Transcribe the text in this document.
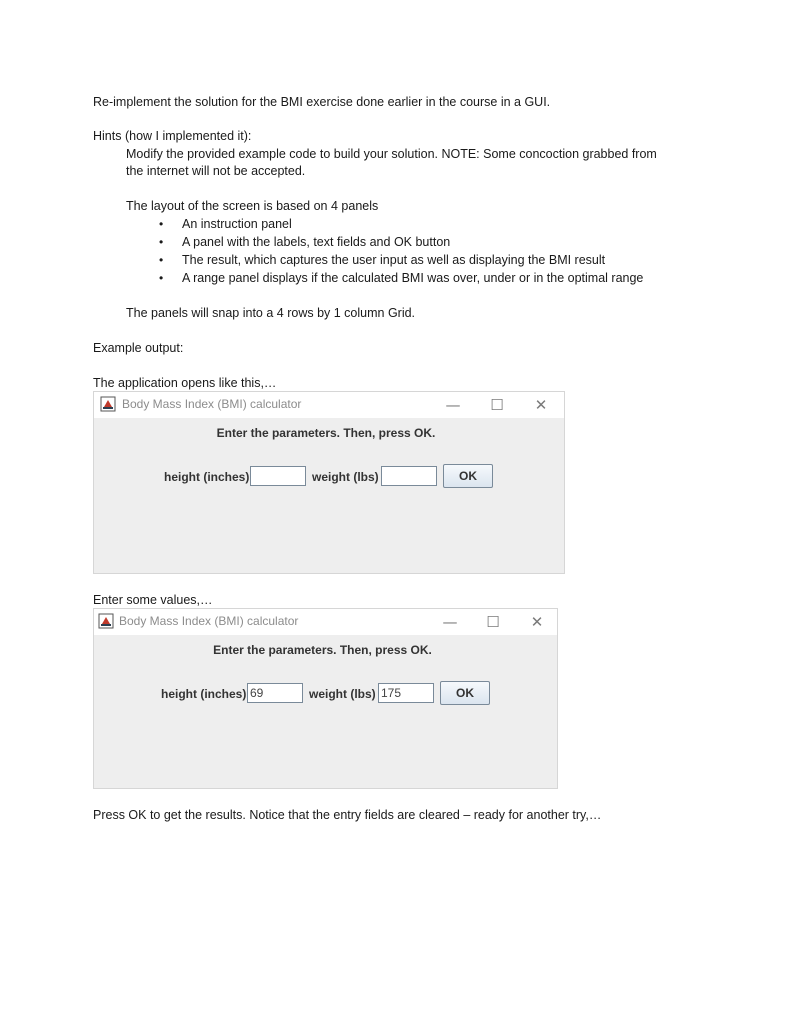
Re-implement the solution for the BMI exercise done earlier in the course in a GUI.
Hints (how I implemented it):
Modify the provided example code to build your solution. NOTE: Some concoction grabbed from
the internet will not be accepted.
The layout of the screen is based on 4 panels
• An instruction panel
• A panel with the labels, text fields and OK button
• The result, which captures the user input as well as displaying the BMI result
• A range panel displays if the calculated BMI was over, under or in the optimal range
The panels will snap into a 4 rows by 1 column Grid.
Example output:
The application opens like this,…
Body Mass Index (BMI) calculator	—	☐	✕
Enter the parameters. Then, press OK.
height (inches)	weight (lbs)	OK
Enter some values,…
Body Mass Index (BMI) calculator	—	☐	✕
Enter the parameters. Then, press OK.
height (inches) 69	weight (lbs) 175	OK
Press OK to get the results. Notice that the entry fields are cleared – ready for another try,…
